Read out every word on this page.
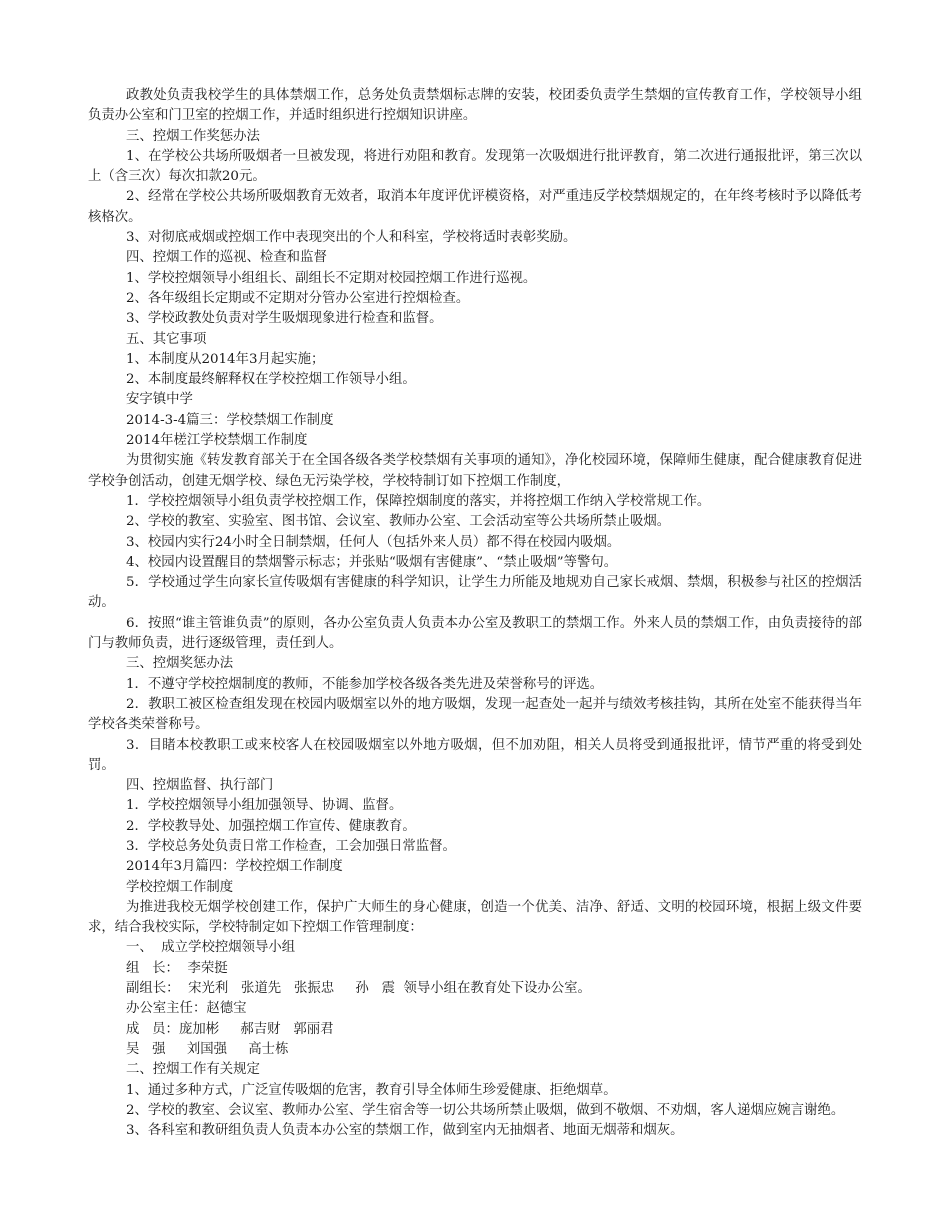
政教处负责我校学生的具体禁烟工作，总务处负责禁烟标志牌的安装，校团委负责学生禁烟的宣传教育工作，学校领导小组负责办公室和门卫室的控烟工作，并适时组织进行控烟知识讲座。

三、控烟工作奖惩办法

1、在学校公共场所吸烟者一旦被发现，将进行劝阻和教育。发现第一次吸烟进行批评教育，第二次进行通报批评，第三次以上（含三次）每次扣款20元。

2、经常在学校公共场所吸烟教育无效者，取消本年度评优评模资格，对严重违反学校禁烟规定的，在年终考核时予以降低考核格次。

3、对彻底戒烟或控烟工作中表现突出的个人和科室，学校将适时表彰奖励。

四、控烟工作的巡视、检查和监督

1、学校控烟领导小组组长、副组长不定期对校园控烟工作进行巡视。

2、各年级组长定期或不定期对分管办公室进行控烟检查。

3、学校政教处负责对学生吸烟现象进行检查和监督。

五、其它事项

1、本制度从2014年3月起实施；

2、本制度最终解释权在学校控烟工作领导小组。

安字镇中学

2014-3-4篇三：学校禁烟工作制度

2014年槎江学校禁烟工作制度

为贯彻实施《转发教育部关于在全国各级各类学校禁烟有关事项的通知》，净化校园环境，保障师生健康，配合健康教育促进学校争创活动，创建无烟学校、绿色无污染学校，学校特制订如下控烟工作制度，

1．学校控烟领导小组负责学校控烟工作，保障控烟制度的落实，并将控烟工作纳入学校常规工作。

2、学校的教室、实验室、图书馆、会议室、教师办公室、工会活动室等公共场所禁止吸烟。

3、校园内实行24小时全日制禁烟，任何人（包括外来人员）都不得在校园内吸烟。

4、校园内设置醒目的禁烟警示标志；并张贴“吸烟有害健康”、“禁止吸烟”等警句。

5．学校通过学生向家长宣传吸烟有害健康的科学知识，让学生力所能及地规劝自己家长戒烟、禁烟，积极参与社区的控烟活动。

6．按照“谁主管谁负责”的原则，各办公室负责人负责本办公室及教职工的禁烟工作。外来人员的禁烟工作，由负责接待的部门与教师负责，进行逐级管理，责任到人。

三、控烟奖惩办法

1．不遵守学校控烟制度的教师，不能参加学校各级各类先进及荣誉称号的评选。

2．教职工被区检查组发现在校园内吸烟室以外的地方吸烟，发现一起查处一起并与绩效考核挂钩，其所在处室不能获得当年学校各类荣誉称号。

3．目睹本校教职工或来校客人在校园吸烟室以外地方吸烟，但不加劝阻，相关人员将受到通报批评，情节严重的将受到处罚。

四、控烟监督、执行部门

1．学校控烟领导小组加强领导、协调、监督。

2．学校教导处、加强控烟工作宣传、健康教育。

3．学校总务处负责日常工作检查，工会加强日常监督。

2014年3月篇四：学校控烟工作制度

学校控烟工作制度

为推进我校无烟学校创建工作，保护广大师生的身心健康，创造一个优美、洁净、舒适、文明的校园环境，根据上级文件要求，结合我校实际，学校特制定如下控烟工作管理制度：

一、  成立学校控烟领导小组

组   长：  李荣挺

副组长：  宋光利   张道先   张振忠     孙   震  领导小组在教育处下设办公室。

办公室主任：赵德宝

成   员：庞加彬     郝吉财   郭丽君

吴   强     刘国强     高士栋

二、控烟工作有关规定

1、通过多种方式，广泛宣传吸烟的危害，教育引导全体师生珍爱健康、拒绝烟草。

2、学校的教室、会议室、教师办公室、学生宿舍等一切公共场所禁止吸烟，做到不敬烟、不劝烟，客人递烟应婉言谢绝。

3、各科室和教研组负责人负责本办公室的禁烟工作，做到室内无抽烟者、地面无烟蒂和烟灰。
